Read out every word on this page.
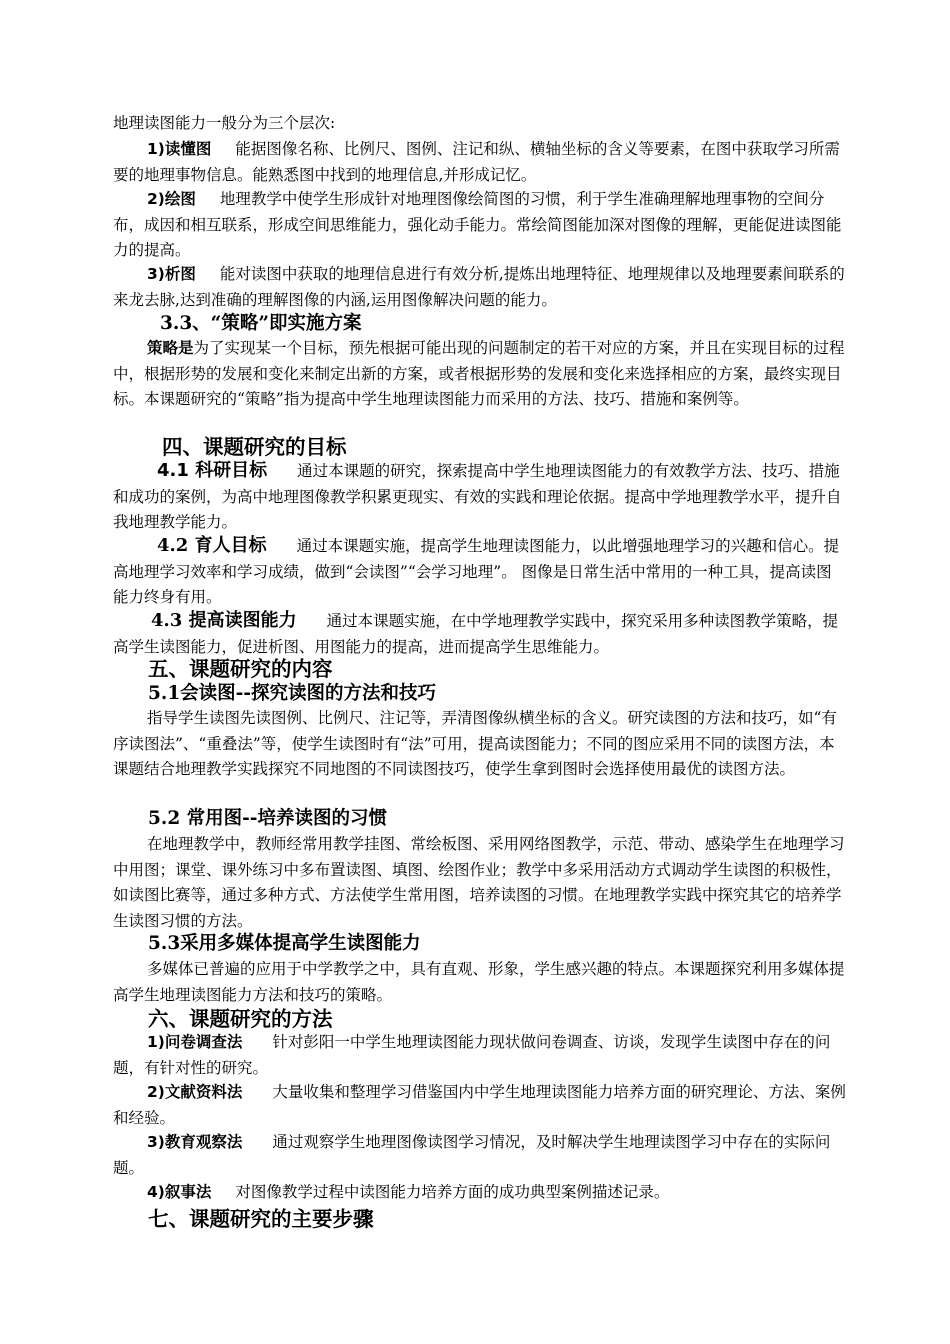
地理读图能力一般分为三个层次:

1)读懂图 能据图像名称、比例尺、图例、注记和纵、横轴坐标的含义等要素，在图中获取学习所需要的地理事物信息。能熟悉图中找到的地理信息,并形成记忆。

2)绘图 地理教学中使学生形成针对地理图像绘简图的习惯，利于学生准确理解地理事物的空间分布，成因和相互联系，形成空间思维能力，强化动手能力。常绘简图能加深对图像的理解，更能促进读图能力的提高。

3)析图 能对读图中获取的地理信息进行有效分析,提炼出地理特征、地理规律以及地理要素间联系的来龙去脉,达到准确的理解图像的内涵,运用图像解决问题的能力。

3.3、“策略”即实施方案

策略是为了实现某一个目标，预先根据可能出现的问题制定的若干对应的方案，并且在实现目标的过程中，根据形势的发展和变化来制定出新的方案，或者根据形势的发展和变化来选择相应的方案，最终实现目标。本课题研究的“策略”指为提高中学生地理读图能力而采用的方法、技巧、措施和案例等。

四、课题研究的目标

4.1 科研目标 通过本课题的研究，探索提高中学生地理读图能力的有效教学方法、技巧、措施和成功的案例，为高中地理图像教学积累更现实、有效的实践和理论依据。提高中学地理教学水平，提升自我地理教学能力。

4.2 育人目标 通过本课题实施，提高学生地理读图能力，以此增强地理学习的兴趣和信心。提高地理学习效率和学习成绩，做到“会读图”“会学习地理”。 图像是日常生活中常用的一种工具，提高读图能力终身有用。

4.3 提高读图能力 通过本课题实施，在中学地理教学实践中，探究采用多种读图教学策略，提高学生读图能力，促进析图、用图能力的提高，进而提高学生思维能力。

五、课题研究的内容
5.1会读图--探究读图的方法和技巧

指导学生读图先读图例、比例尺、注记等，弄清图像纵横坐标的含义。研究读图的方法和技巧，如“有序读图法”、“重叠法”等，使学生读图时有“法”可用，提高读图能力；不同的图应采用不同的读图方法，本课题结合地理教学实践探究不同地图的不同读图技巧，使学生拿到图时会选择使用最优的读图方法。

5.2 常用图--培养读图的习惯

在地理教学中，教师经常用教学挂图、常绘板图、采用网络图教学，示范、带动、感染学生在地理学习中用图；课堂、课外练习中多布置读图、填图、绘图作业；教学中多采用活动方式调动学生读图的积极性，如读图比赛等，通过多种方式、方法使学生常用图，培养读图的习惯。在地理教学实践中探究其它的培养学生读图习惯的方法。

5.3采用多媒体提高学生读图能力

多媒体已普遍的应用于中学教学之中，具有直观、形象，学生感兴趣的特点。本课题探究利用多媒体提高学生地理读图能力方法和技巧的策略。

六、课题研究的方法

1)问卷调查法 针对彭阳一中学生地理读图能力现状做问卷调查、访谈，发现学生读图中存在的问题，有针对性的研究。

2)文献资料法 大量收集和整理学习借鉴国内中学生地理读图能力培养方面的研究理论、方法、案例和经验。

3)教育观察法 通过观察学生地理图像读图学习情况，及时解决学生地理读图学习中存在的实际问题。

4)叙事法 对图像教学过程中读图能力培养方面的成功典型案例描述记录。

七、课题研究的主要步骤
